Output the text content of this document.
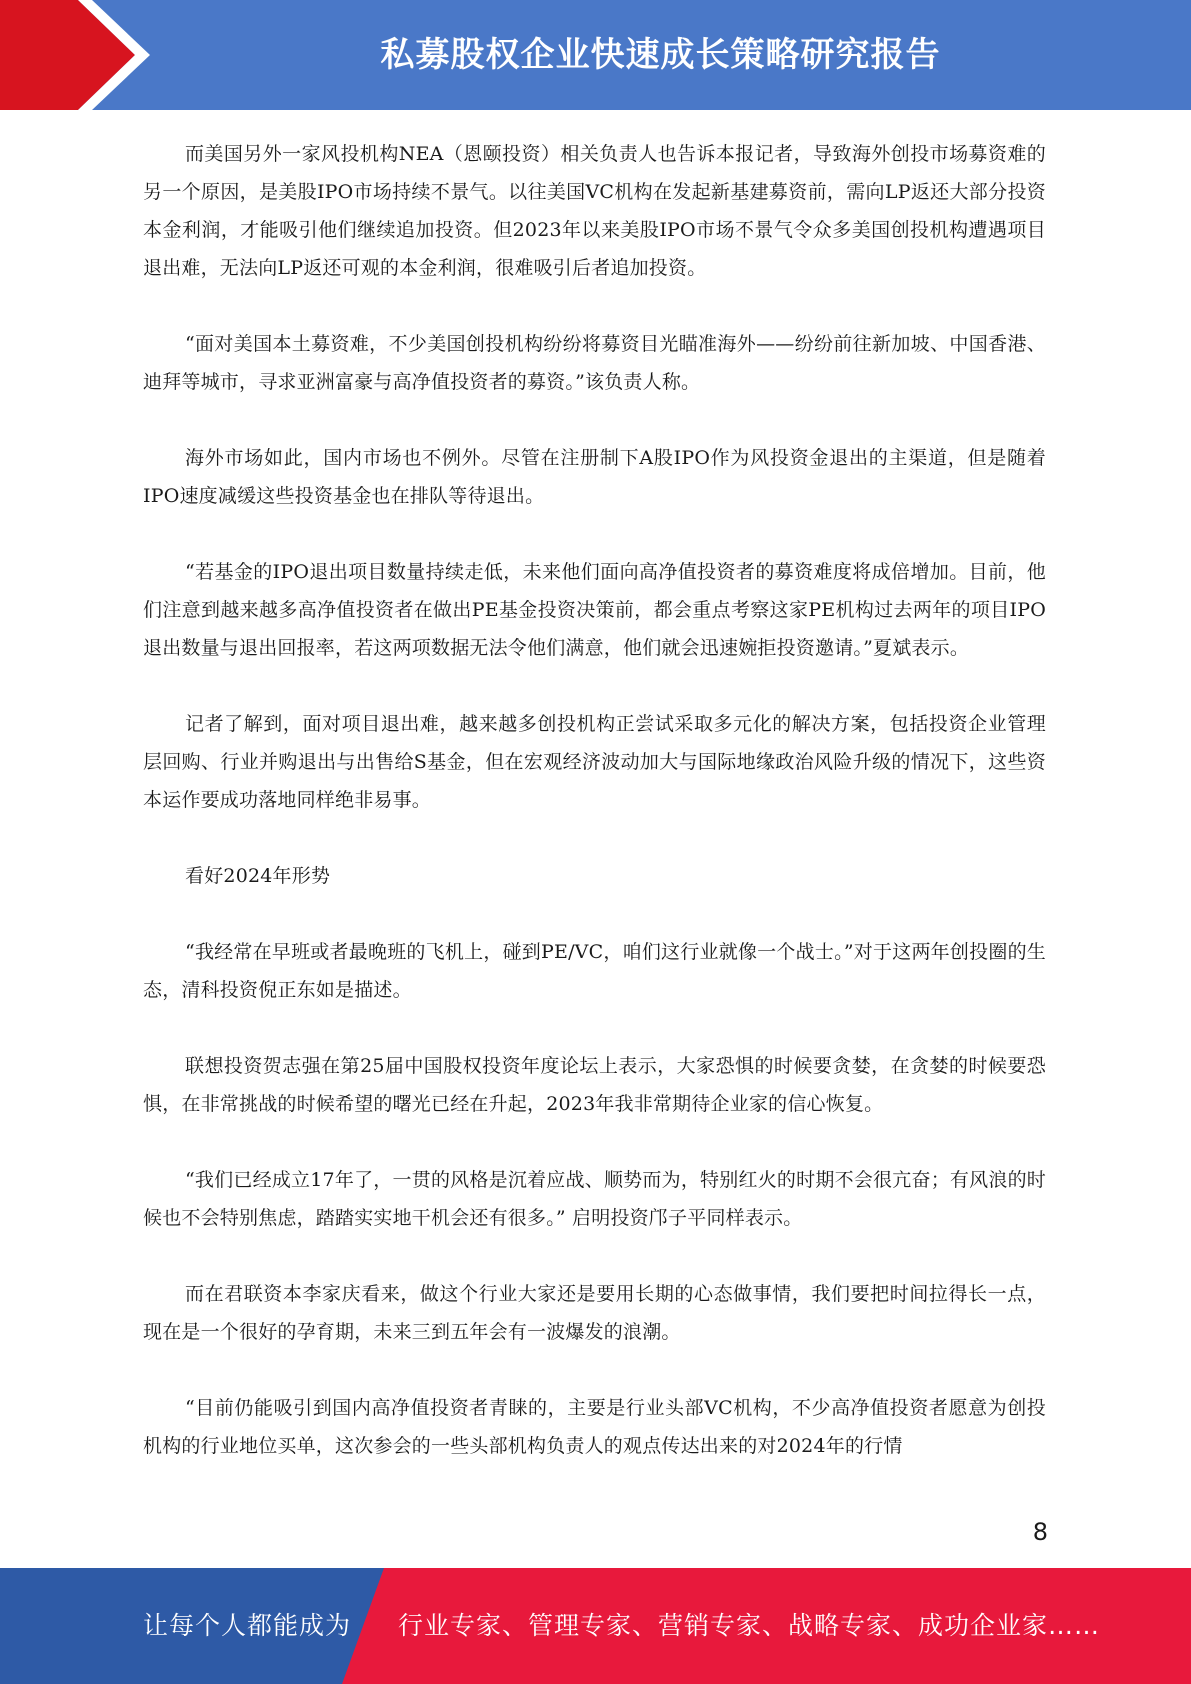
私募股权企业快速成长策略研究报告

而美国另外一家风投机构NEA（恩颐投资）相关负责人也告诉本报记者，导致海外创投市场募资难的另一个原因，是美股IPO市场持续不景气。以往美国VC机构在发起新基建募资前，需向LP返还大部分投资本金利润，才能吸引他们继续追加投资。但2023年以来美股IPO市场不景气令众多美国创投机构遭遇项目退出难，无法向LP返还可观的本金利润，很难吸引后者追加投资。

“面对美国本土募资难，不少美国创投机构纷纷将募资目光瞄准海外——纷纷前往新加坡、中国香港、迪拜等城市，寻求亚洲富豪与高净值投资者的募资。”该负责人称。

海外市场如此，国内市场也不例外。尽管在注册制下A股IPO作为风投资金退出的主渠道，但是随着IPO速度减缓这些投资基金也在排队等待退出。

“若基金的IPO退出项目数量持续走低，未来他们面向高净值投资者的募资难度将成倍增加。目前，他们注意到越来越多高净值投资者在做出PE基金投资决策前，都会重点考察这家PE机构过去两年的项目IPO退出数量与退出回报率，若这两项数据无法令他们满意，他们就会迅速婉拒投资邀请。”夏斌表示。

记者了解到，面对项目退出难，越来越多创投机构正尝试采取多元化的解决方案，包括投资企业管理层回购、行业并购退出与出售给S基金，但在宏观经济波动加大与国际地缘政治风险升级的情况下，这些资本运作要成功落地同样绝非易事。

看好2024年形势

“我经常在早班或者最晚班的飞机上，碰到PE/VC，咱们这行业就像一个战士。”对于这两年创投圈的生态，清科投资倪正东如是描述。

联想投资贺志强在第25届中国股权投资年度论坛上表示，大家恐惧的时候要贪婪，在贪婪的时候要恐惧，在非常挑战的时候希望的曙光已经在升起，2023年我非常期待企业家的信心恢复。

“我们已经成立17年了，一贯的风格是沉着应战、顺势而为，特别红火的时期不会很亢奋；有风浪的时候也不会特别焦虑，踏踏实实地干机会还有很多。” 启明投资邝子平同样表示。

而在君联资本李家庆看来，做这个行业大家还是要用长期的心态做事情，我们要把时间拉得长一点，现在是一个很好的孕育期，未来三到五年会有一波爆发的浪潮。

“目前仍能吸引到国内高净值投资者青睐的，主要是行业头部VC机构，不少高净值投资者愿意为创投机构的行业地位买单，这次参会的一些头部机构负责人的观点传达出来的对2024年的行情

8
让每个人都能成为 行业专家、管理专家、营销专家、战略专家、成功企业家……
